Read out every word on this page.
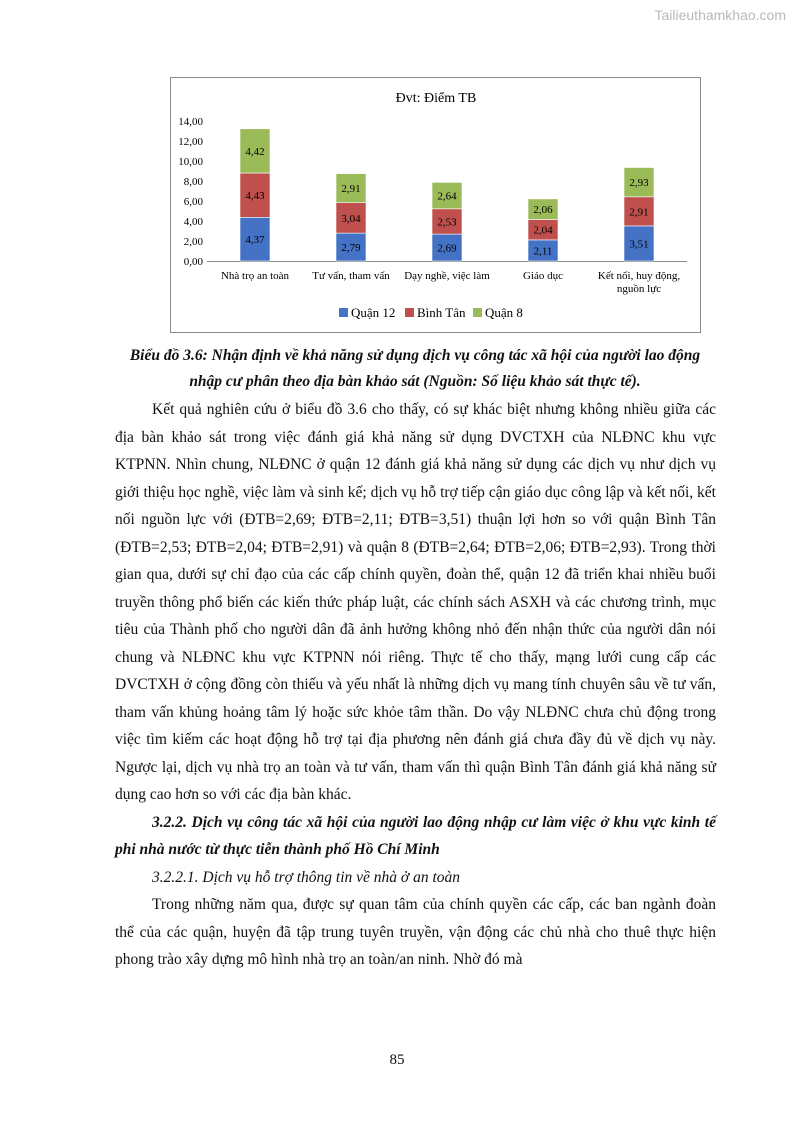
Tailieuthamkhao.com
Đvt: Điểm TB
0,00
2,00
4,00
6,00
8,00
10,00
12,00
14,00
4,37
4,43
4,42
Nhà trọ an toàn
2,79
3,04
2,91
Tư vấn, tham vấn
2,69
2,53
2,64
Dạy nghề, việc làm
2,11
2,04
2,06
Giáo dục
3,51
2,91
2,93
Kết nối, huy động,
nguồn lực
Quận 12 Bình Tân Quận 8
Biểu đồ 3.6: Nhận định về khả năng sử dụng dịch vụ công tác xã hội của người lao động nhập cư phân theo địa bàn khảo sát (Nguồn: Số liệu khảo sát thực tế).

Kết quả nghiên cứu ở biểu đồ 3.6 cho thấy, có sự khác biệt nhưng không nhiều giữa các địa bàn khảo sát trong việc đánh giá khả năng sử dụng DVCTXH của NLĐNC khu vực KTPNN. Nhìn chung, NLĐNC ở quận 12 đánh giá khả năng sử dụng các dịch vụ như dịch vụ giới thiệu học nghề, việc làm và sinh kế; dịch vụ hỗ trợ tiếp cận giáo dục công lập và kết nối, kết nối nguồn lực với (ĐTB=2,69; ĐTB=2,11; ĐTB=3,51) thuận lợi hơn so với quận Bình Tân (ĐTB=2,53; ĐTB=2,04; ĐTB=2,91) và quận 8 (ĐTB=2,64; ĐTB=2,06; ĐTB=2,93). Trong thời gian qua, dưới sự chỉ đạo của các cấp chính quyền, đoàn thể, quận 12 đã triển khai nhiều buổi truyền thông phổ biến các kiến thức pháp luật, các chính sách ASXH và các chương trình, mục tiêu của Thành phố cho người dân đã ảnh hưởng không nhỏ đến nhận thức của người dân nói chung và NLĐNC khu vực KTPNN nói riêng. Thực tế cho thấy, mạng lưới cung cấp các DVCTXH ở cộng đồng còn thiếu và yếu nhất là những dịch vụ mang tính chuyên sâu về tư vấn, tham vấn khủng hoảng tâm lý hoặc sức khỏe tâm thần. Do vậy NLĐNC chưa chủ động trong việc tìm kiếm các hoạt động hỗ trợ tại địa phương nên đánh giá chưa đầy đủ về dịch vụ này. Ngược lại, dịch vụ nhà trọ an toàn và tư vấn, tham vấn thì quận Bình Tân đánh giá khả năng sử dụng cao hơn so với các địa bàn khác.

3.2.2. Dịch vụ công tác xã hội của người lao động nhập cư làm việc ở khu vực kinh tế phi nhà nước từ thực tiễn thành phố Hồ Chí Minh

3.2.2.1. Dịch vụ hỗ trợ thông tin về nhà ở an toàn

Trong những năm qua, được sự quan tâm của chính quyền các cấp, các ban ngành đoàn thể của các quận, huyện đã tập trung tuyên truyền, vận động các chủ nhà cho thuê thực hiện phong trào xây dựng mô hình nhà trọ an toàn/an ninh. Nhờ đó mà

85
